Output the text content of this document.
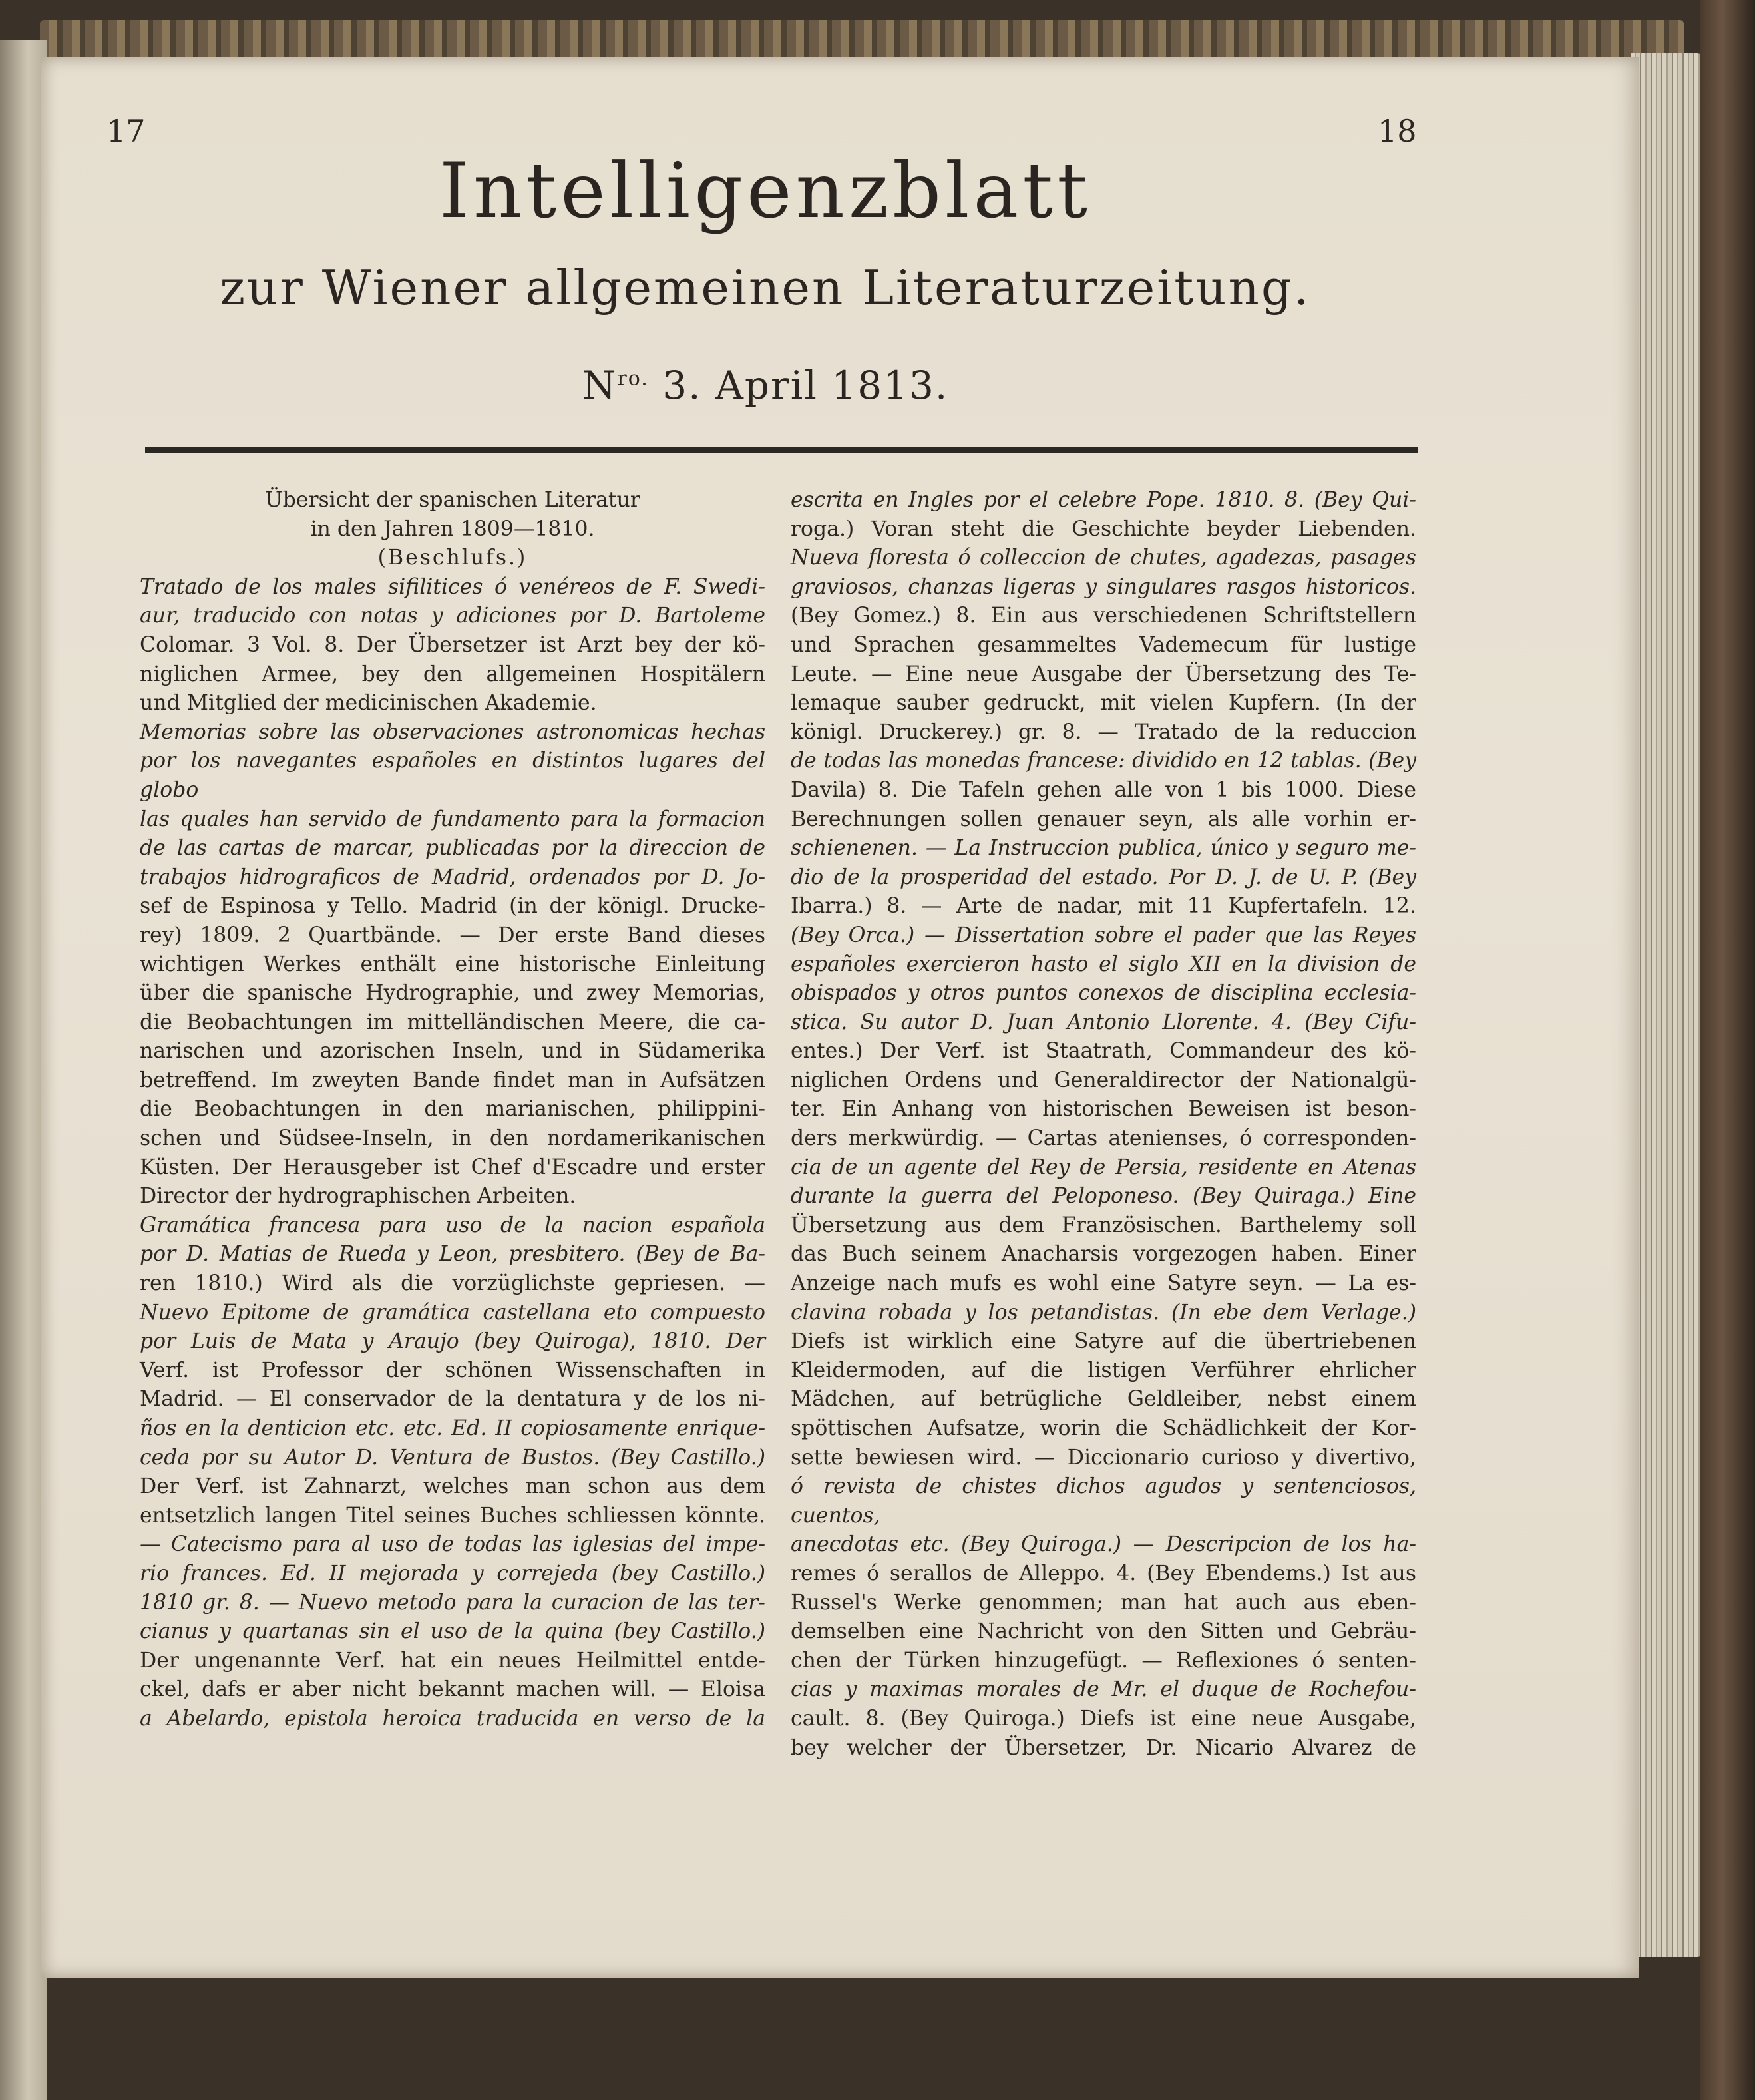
17	18
Intelligenzblatt
zur Wiener allgemeinen Literaturzeitung.
$N^{ro.}$ 3. April 1813.

Übersicht der spanischen Literatur

in den Jahren 1809—1810.

(Beschlufs.)

Tratado de los males sifilitices ó venéreos de F. Swedi-

aur, traducido con notas y adiciones por D. Bartoleme

Colomar. 3 Vol. 8. Der Übersetzer ist Arzt bey der kö-

niglichen Armee, bey den allgemeinen Hospitälern

und Mitglied der medicinischen Akademie.

Memorias sobre las observaciones astronomicas hechas

por los navegantes españoles en distintos lugares del globo

las quales han servido de fundamento para la formacion

de las cartas de marcar, publicadas por la direccion de

trabajos hidrograficos de Madrid, ordenados por D. Jo-

sef de Espinosa y Tello. Madrid (in der königl. Drucke-

rey) 1809. 2 Quartbände. — Der erste Band dieses

wichtigen Werkes enthält eine historische Einleitung

über die spanische Hydrographie, und zwey Memorias,

die Beobachtungen im mittelländischen Meere, die ca-

narischen und azorischen Inseln, und in Südamerika

betreffend. Im zweyten Bande findet man in Aufsätzen

die Beobachtungen in den marianischen, philippini-

schen und Südsee-Inseln, in den nordamerikanischen

Küsten. Der Herausgeber ist Chef d'Escadre und erster

Director der hydrographischen Arbeiten.

Gramática francesa para uso de la nacion española

por D. Matias de Rueda y Leon, presbitero. (Bey de Ba-

ren 1810.) Wird als die vorzüglichste gepriesen. —

Nuevo Epitome de gramática castellana eto compuesto

por Luis de Mata y Araujo (bey Quiroga), 1810. Der

Verf. ist Professor der schönen Wissenschaften in

Madrid. — El conservador de la dentatura y de los ni-

ños en la denticion etc. etc. Ed. II copiosamente enrique-

ceda por su Autor D. Ventura de Bustos. (Bey Castillo.)

Der Verf. ist Zahnarzt, welches man schon aus dem

entsetzlich langen Titel seines Buches schliessen könnte.

— Catecismo para al uso de todas las iglesias del impe-

rio frances. Ed. II mejorada y correjeda (bey Castillo.)

1810 gr. 8. — Nuevo metodo para la curacion de las ter-

cianus y quartanas sin el uso de la quina (bey Castillo.)

Der ungenannte Verf. hat ein neues Heilmittel entde-

ckel, dafs er aber nicht bekannt machen will. — Eloisa

a Abelardo, epistola heroica traducida en verso de la

escrita en Ingles por el celebre Pope. 1810. 8. (Bey Qui-

roga.) Voran steht die Geschichte beyder Liebenden.

Nueva floresta ó colleccion de chutes, agadezas, pasages

graviosos, chanzas ligeras y singulares rasgos historicos.

(Bey Gomez.) 8. Ein aus verschiedenen Schriftstellern

und Sprachen gesammeltes Vademecum für lustige

Leute. — Eine neue Ausgabe der Übersetzung des Te-

lemaque sauber gedruckt, mit vielen Kupfern. (In der

königl. Druckerey.) gr. 8. — Tratado de la reduccion

de todas las monedas francese: dividido en 12 tablas. (Bey

Davila) 8. Die Tafeln gehen alle von 1 bis 1000. Diese

Berechnungen sollen genauer seyn, als alle vorhin er-

schienenen. — La Instruccion publica, único y seguro me-

dio de la prosperidad del estado. Por D. J. de U. P. (Bey

Ibarra.) 8. — Arte de nadar, mit 11 Kupfertafeln. 12.

(Bey Orca.) — Dissertation sobre el pader que las Reyes

españoles exercieron hasto el siglo XII en la division de

obispados y otros puntos conexos de disciplina ecclesia-

stica. Su autor D. Juan Antonio Llorente. 4. (Bey Cifu-

entes.) Der Verf. ist Staatrath, Commandeur des kö-

niglichen Ordens und Generaldirector der Nationalgü-

ter. Ein Anhang von historischen Beweisen ist beson-

ders merkwürdig. — Cartas atenienses, ó corresponden-

cia de un agente del Rey de Persia, residente en Atenas

durante la guerra del Peloponeso. (Bey Quiraga.) Eine

Übersetzung aus dem Französischen. Barthelemy soll

das Buch seinem Anacharsis vorgezogen haben. Einer

Anzeige nach mufs es wohl eine Satyre seyn. — La es-

clavina robada y los petandistas. (In ebe dem Verlage.)

Diefs ist wirklich eine Satyre auf die übertriebenen

Kleidermoden, auf die listigen Verführer ehrlicher

Mädchen, auf betrügliche Geldleiber, nebst einem

spöttischen Aufsatze, worin die Schädlichkeit der Kor-

sette bewiesen wird. — Diccionario curioso y divertivo,

ó revista de chistes dichos agudos y sentenciosos, cuentos,

anecdotas etc. (Bey Quiroga.) — Descripcion de los ha-

remes ó serallos de Alleppo. 4. (Bey Ebendems.) Ist aus

Russel's Werke genommen; man hat auch aus eben-

demselben eine Nachricht von den Sitten und Gebräu-

chen der Türken hinzugefügt. — Reflexiones ó senten-

cias y maximas morales de Mr. el duque de Rochefou-

cault. 8. (Bey Quiroga.) Diefs ist eine neue Ausgabe,

bey welcher der Übersetzer, Dr. Nicario Alvarez de
